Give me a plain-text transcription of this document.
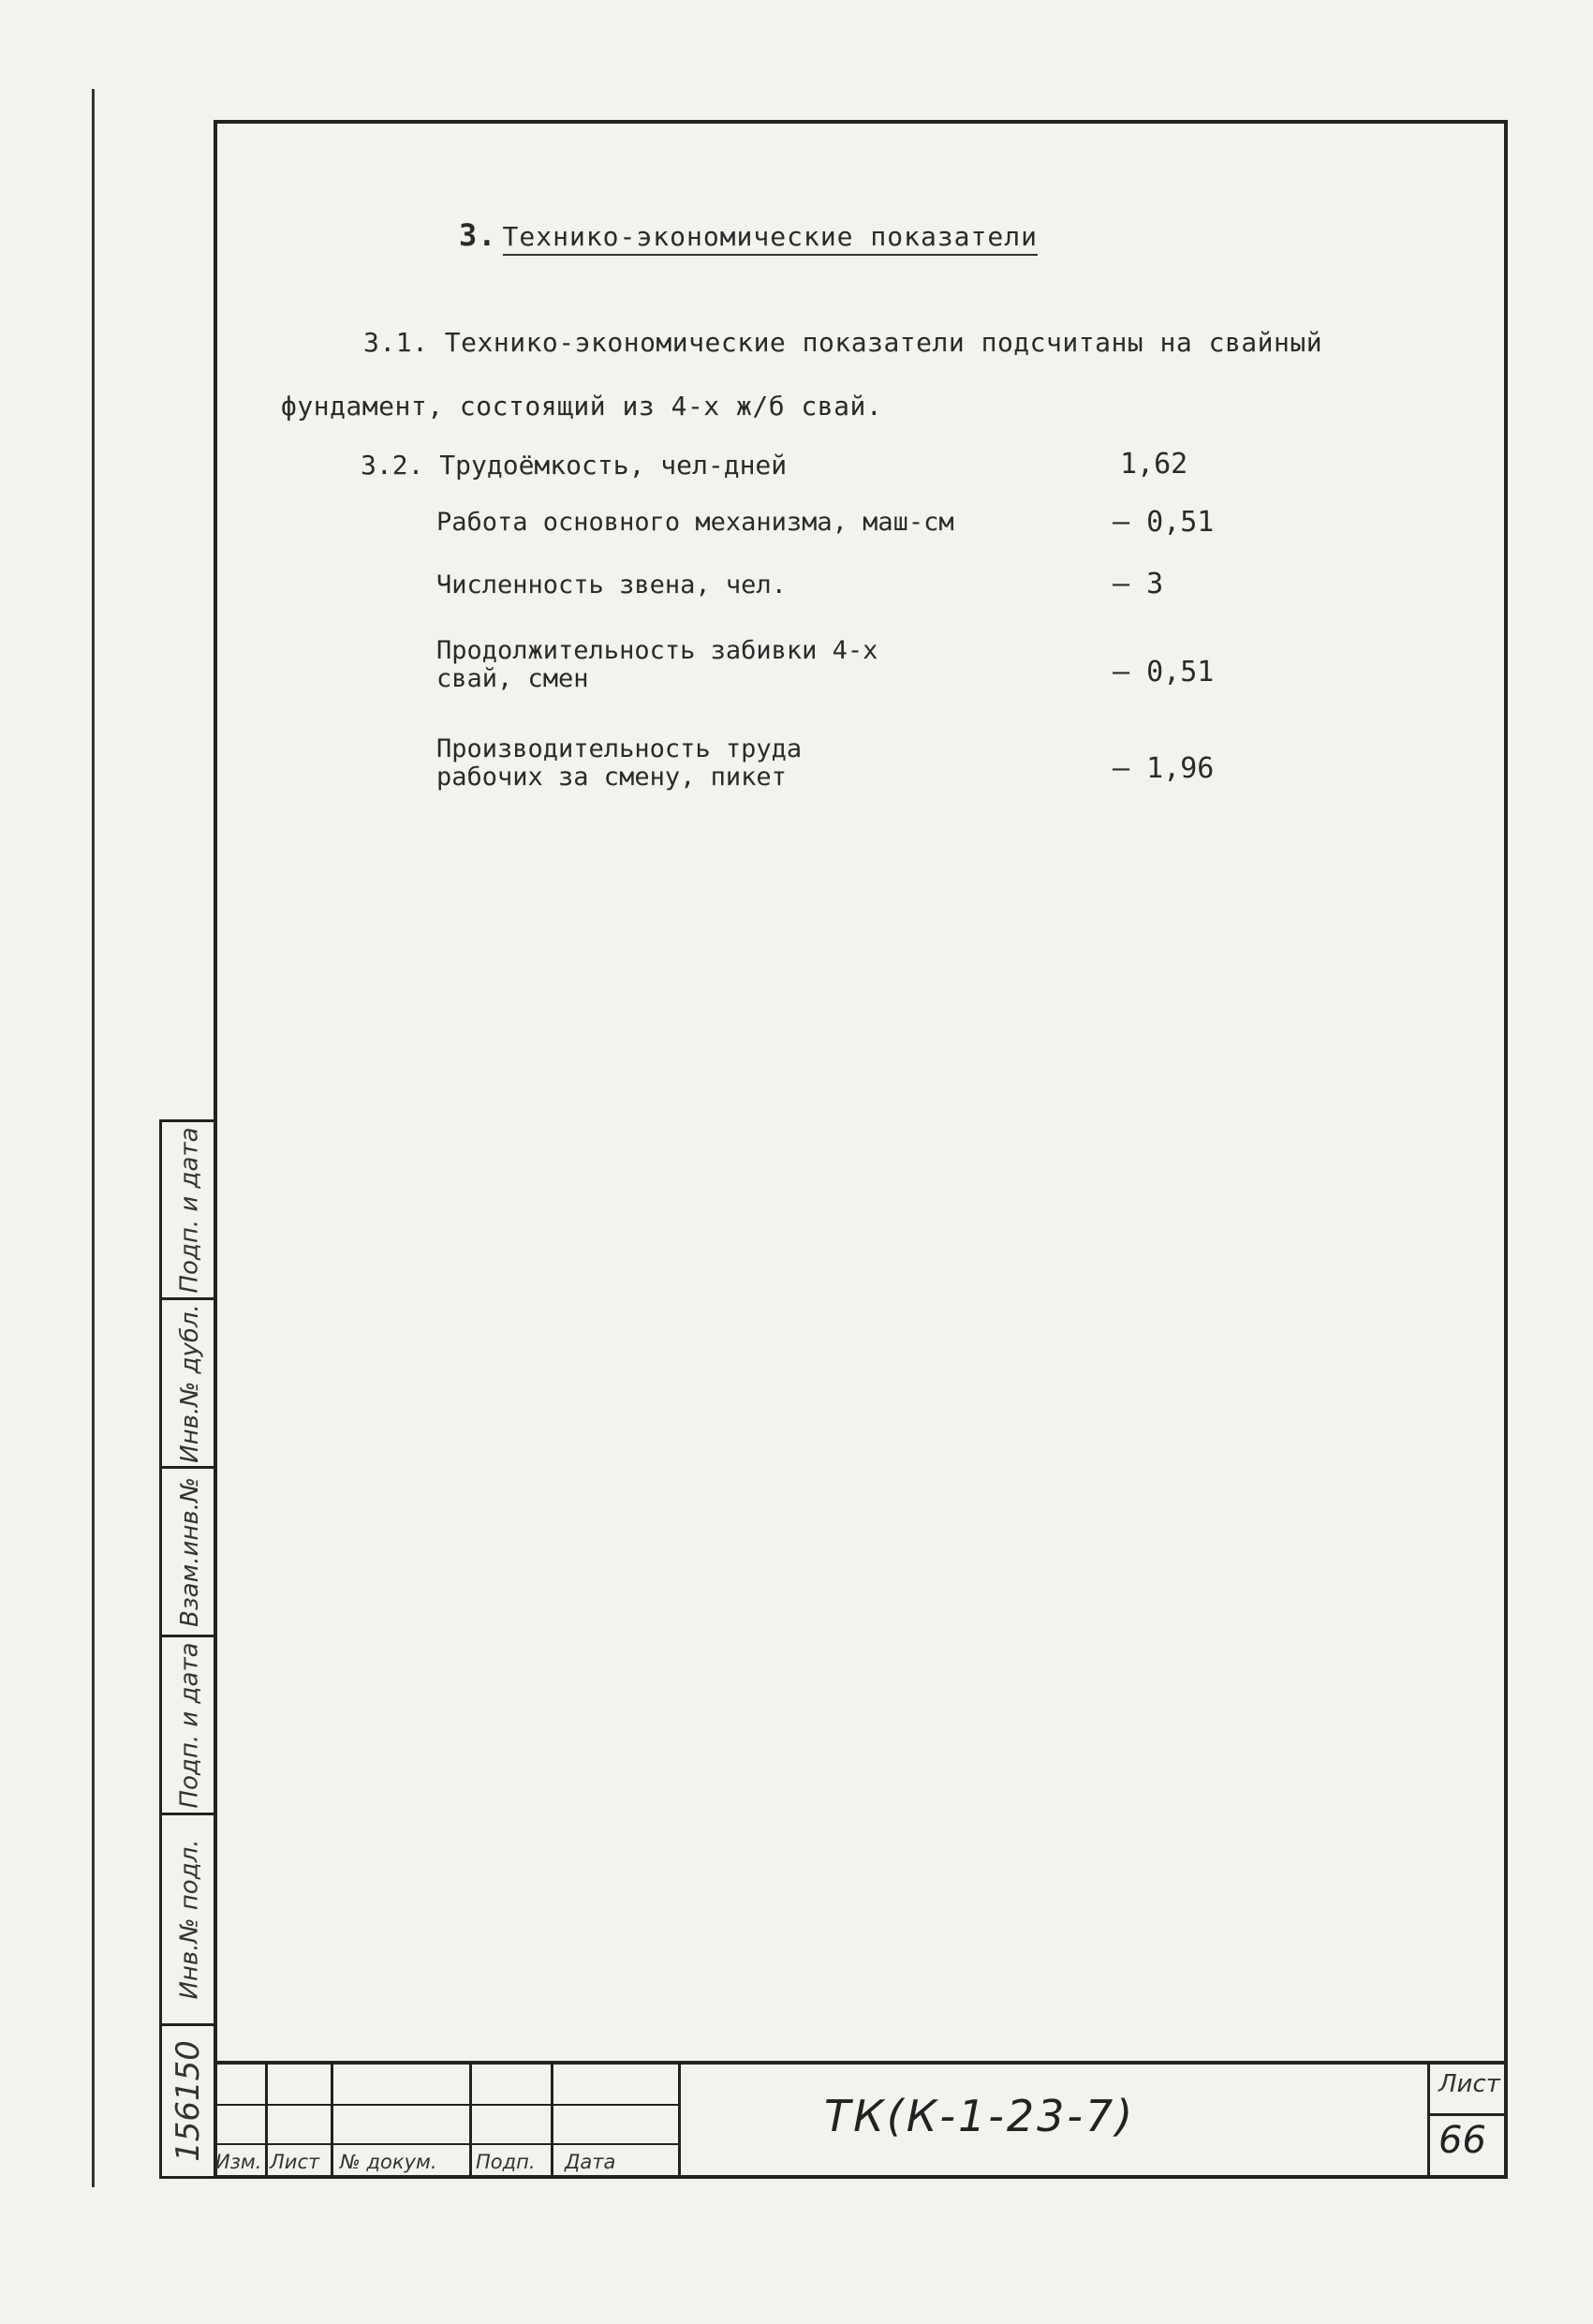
Подп. и дата
Инв.№ дубл.
Взам.инв.№
Подп. и дата
Инв.№ подл.
156150
3. Технико-экономические показатели
3.1. Технико-экономические показатели подсчитаны на свайный фундамент, состоящий из 4-х ж/б свай.
3.2. Трудоёмкость, чел-дней	1,62
Работа основного механизма, маш-см	– 0,51
Численность звена, чел.	– 3
Продолжительность забивки 4-х
свай, смен	– 0,51
Производительность труда
рабочих за смену, пикет	– 1,96
Изм. Лист № докум. Подп. Дата
ТК(К-1-23-7)
Лист
66
